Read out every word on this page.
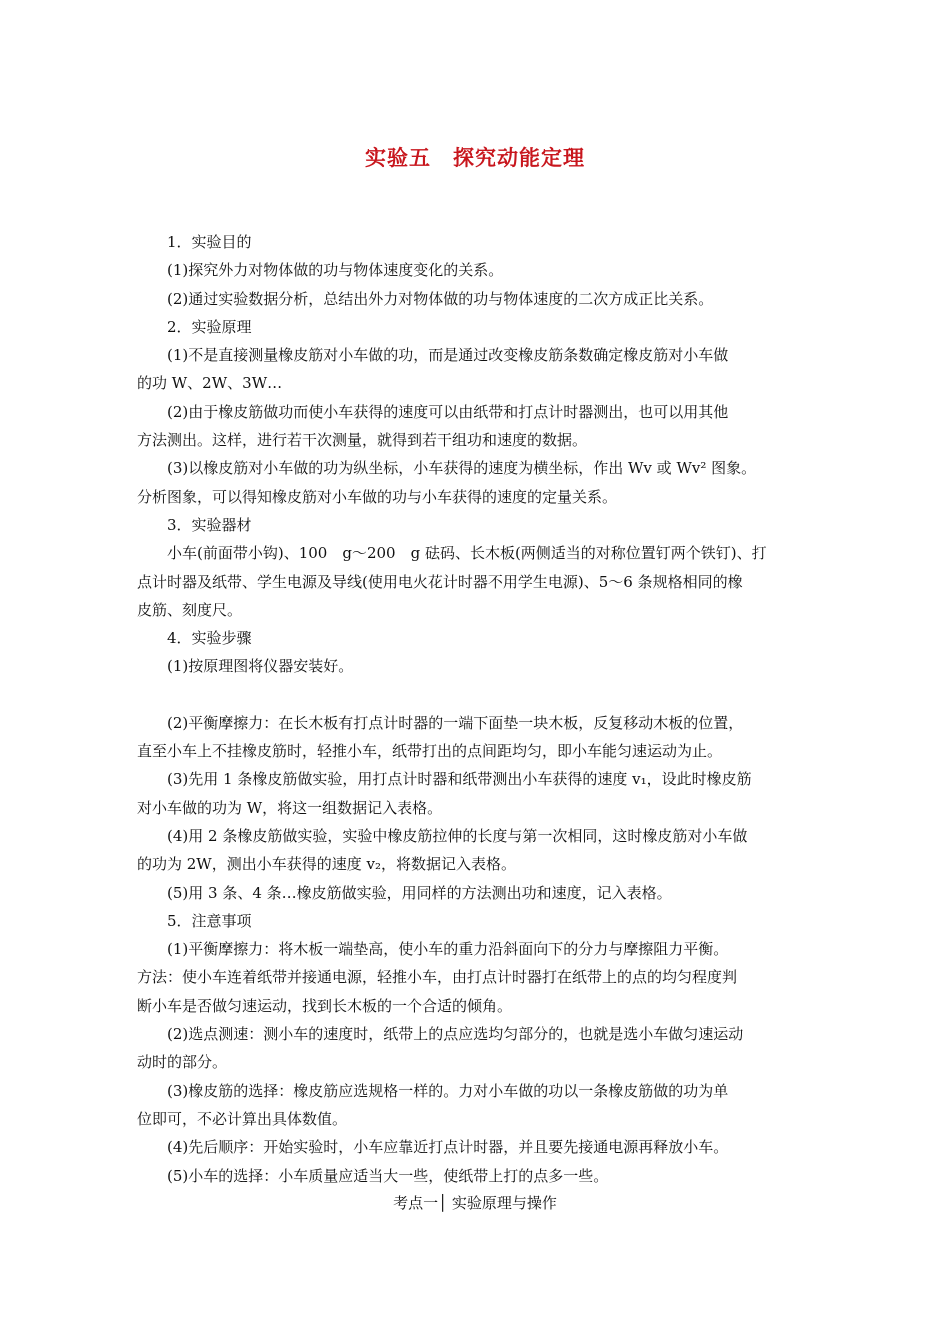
实验五　探究动能定理
1．实验目的
(1)探究外力对物体做的功与物体速度变化的关系。
(2)通过实验数据分析，总结出外力对物体做的功与物体速度的二次方成正比关系。
2．实验原理
(1)不是直接测量橡皮筋对小车做的功，而是通过改变橡皮筋条数确定橡皮筋对小车做
的功 W、2W、3W…
(2)由于橡皮筋做功而使小车获得的速度可以由纸带和打点计时器测出，也可以用其他
方法测出。这样，进行若干次测量，就得到若干组功和速度的数据。
(3)以橡皮筋对小车做的功为纵坐标，小车获得的速度为横坐标，作出 Wv 或 Wv² 图象。
分析图象，可以得知橡皮筋对小车做的功与小车获得的速度的定量关系。
3．实验器材
小车(前面带小钩)、100　g～200　g 砝码、长木板(两侧适当的对称位置钉两个铁钉)、打
点计时器及纸带、学生电源及导线(使用电火花计时器不用学生电源)、5～6 条规格相同的橡
皮筋、刻度尺。
4．实验步骤
(1)按原理图将仪器安装好。
(2)平衡摩擦力：在长木板有打点计时器的一端下面垫一块木板，反复移动木板的位置，
直至小车上不挂橡皮筋时，轻推小车，纸带打出的点间距均匀，即小车能匀速运动为止。
(3)先用 1 条橡皮筋做实验，用打点计时器和纸带测出小车获得的速度 v₁，设此时橡皮筋
对小车做的功为 W，将这一组数据记入表格。
(4)用 2 条橡皮筋做实验，实验中橡皮筋拉伸的长度与第一次相同，这时橡皮筋对小车做
的功为 2W，测出小车获得的速度 v₂，将数据记入表格。
(5)用 3 条、4 条…橡皮筋做实验，用同样的方法测出功和速度，记入表格。
5．注意事项
(1)平衡摩擦力：将木板一端垫高，使小车的重力沿斜面向下的分力与摩擦阻力平衡。
方法：使小车连着纸带并接通电源，轻推小车，由打点计时器打在纸带上的点的均匀程度判
断小车是否做匀速运动，找到长木板的一个合适的倾角。
(2)选点测速：测小车的速度时，纸带上的点应选均匀部分的，也就是选小车做匀速运动
动时的部分。
(3)橡皮筋的选择：橡皮筋应选规格一样的。力对小车做的功以一条橡皮筋做的功为单
位即可，不必计算出具体数值。
(4)先后顺序：开始实验时，小车应靠近打点计时器，并且要先接通电源再释放小车。
(5)小车的选择：小车质量应适当大一些，使纸带上打的点多一些。
考点一│ 实验原理与操作
